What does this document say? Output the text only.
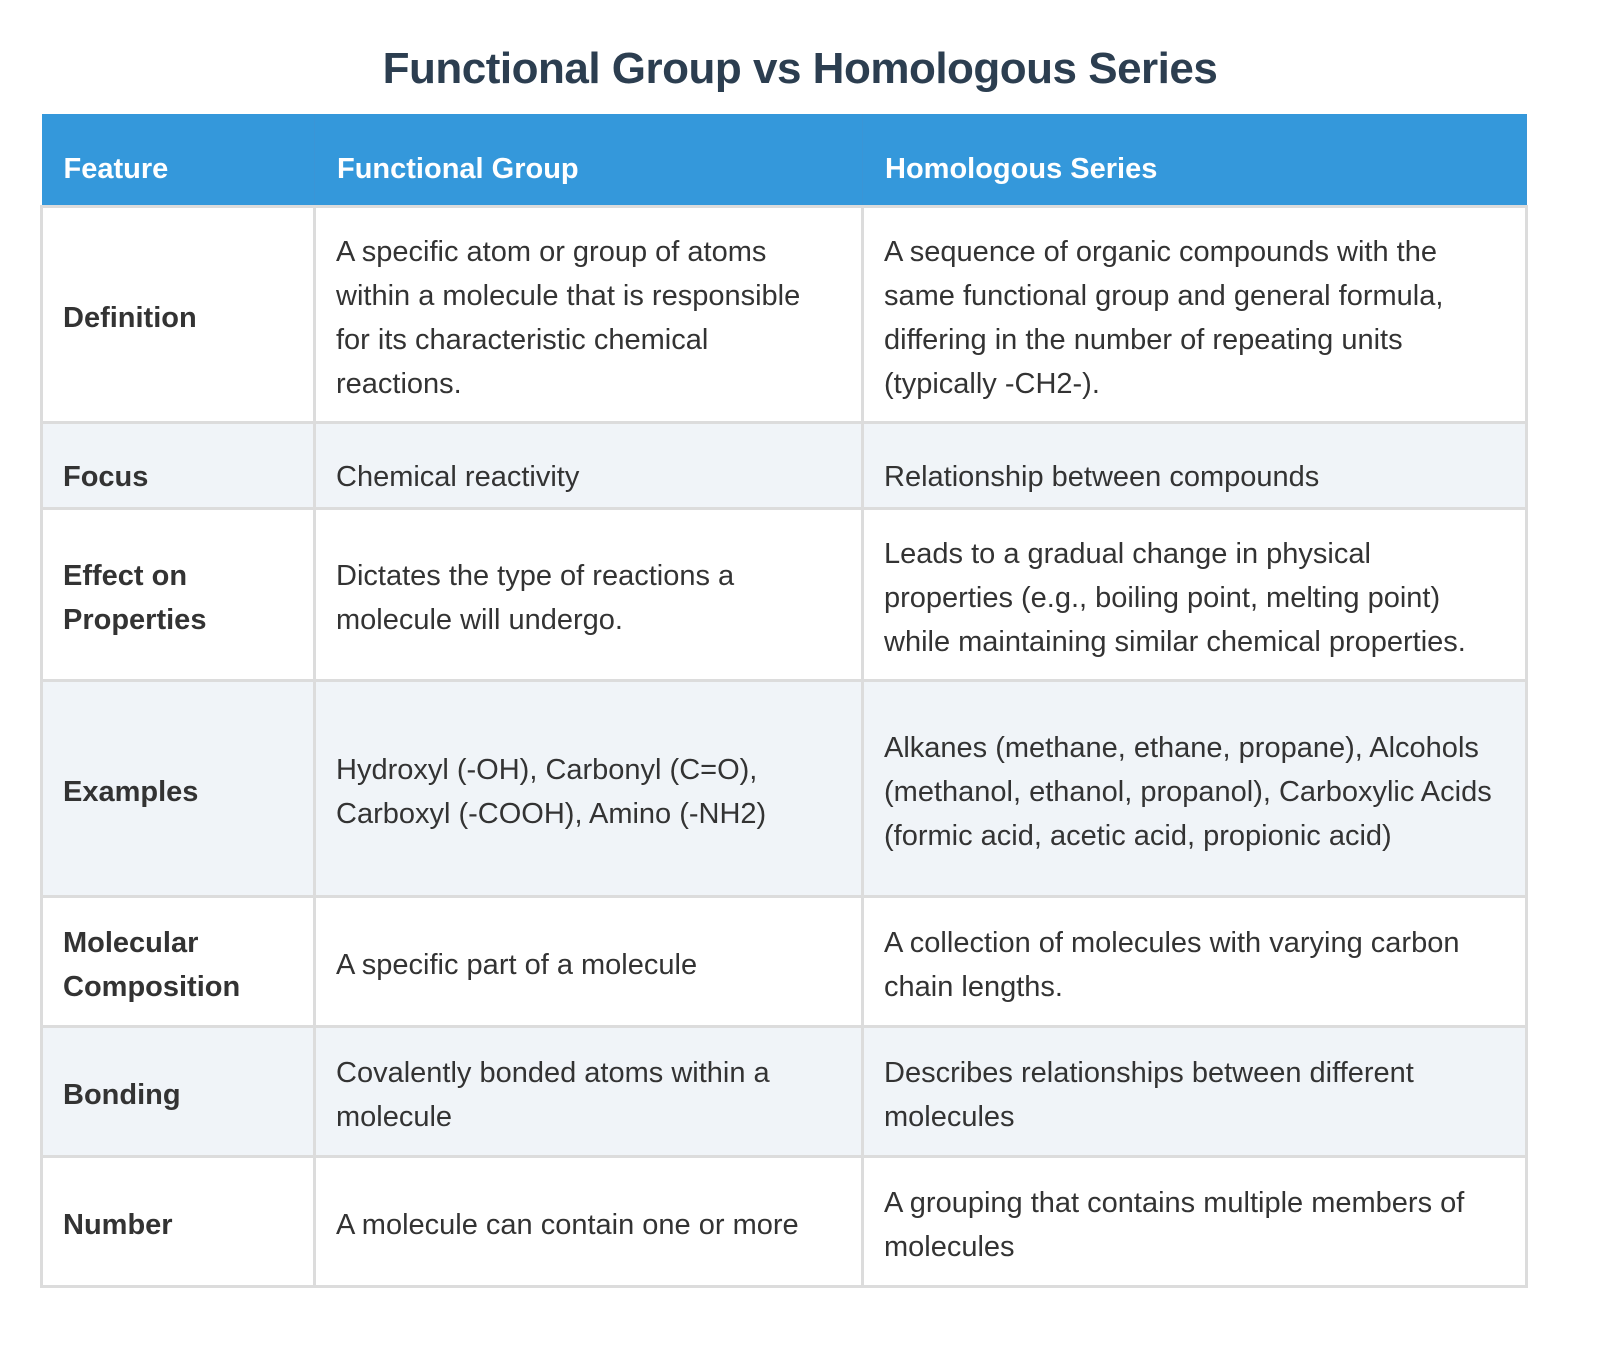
Functional Group vs Homologous Series
Feature	Functional Group	Homologous Series
Definition	A specific atom or group of atoms within a molecule that is responsible for its characteristic chemical reactions.	A sequence of organic compounds with the same functional group and general formula, differing in the number of repeating units (typically -CH2-).
Focus	Chemical reactivity	Relationship between compounds
Effect on Properties	Dictates the type of reactions a molecule will undergo.	Leads to a gradual change in physical properties (e.g., boiling point, melting point) while maintaining similar chemical properties.
Examples	Hydroxyl (-OH), Carbonyl (C=O), Carboxyl (-COOH), Amino (-NH2)	Alkanes (methane, ethane, propane), Alcohols (methanol, ethanol, propanol), Carboxylic Acids (formic acid, acetic acid, propionic acid)
Molecular Composition	A specific part of a molecule	A collection of molecules with varying carbon chain lengths.
Bonding	Covalently bonded atoms within a molecule	Describes relationships between different molecules
Number	A molecule can contain one or more	A grouping that contains multiple members of molecules
